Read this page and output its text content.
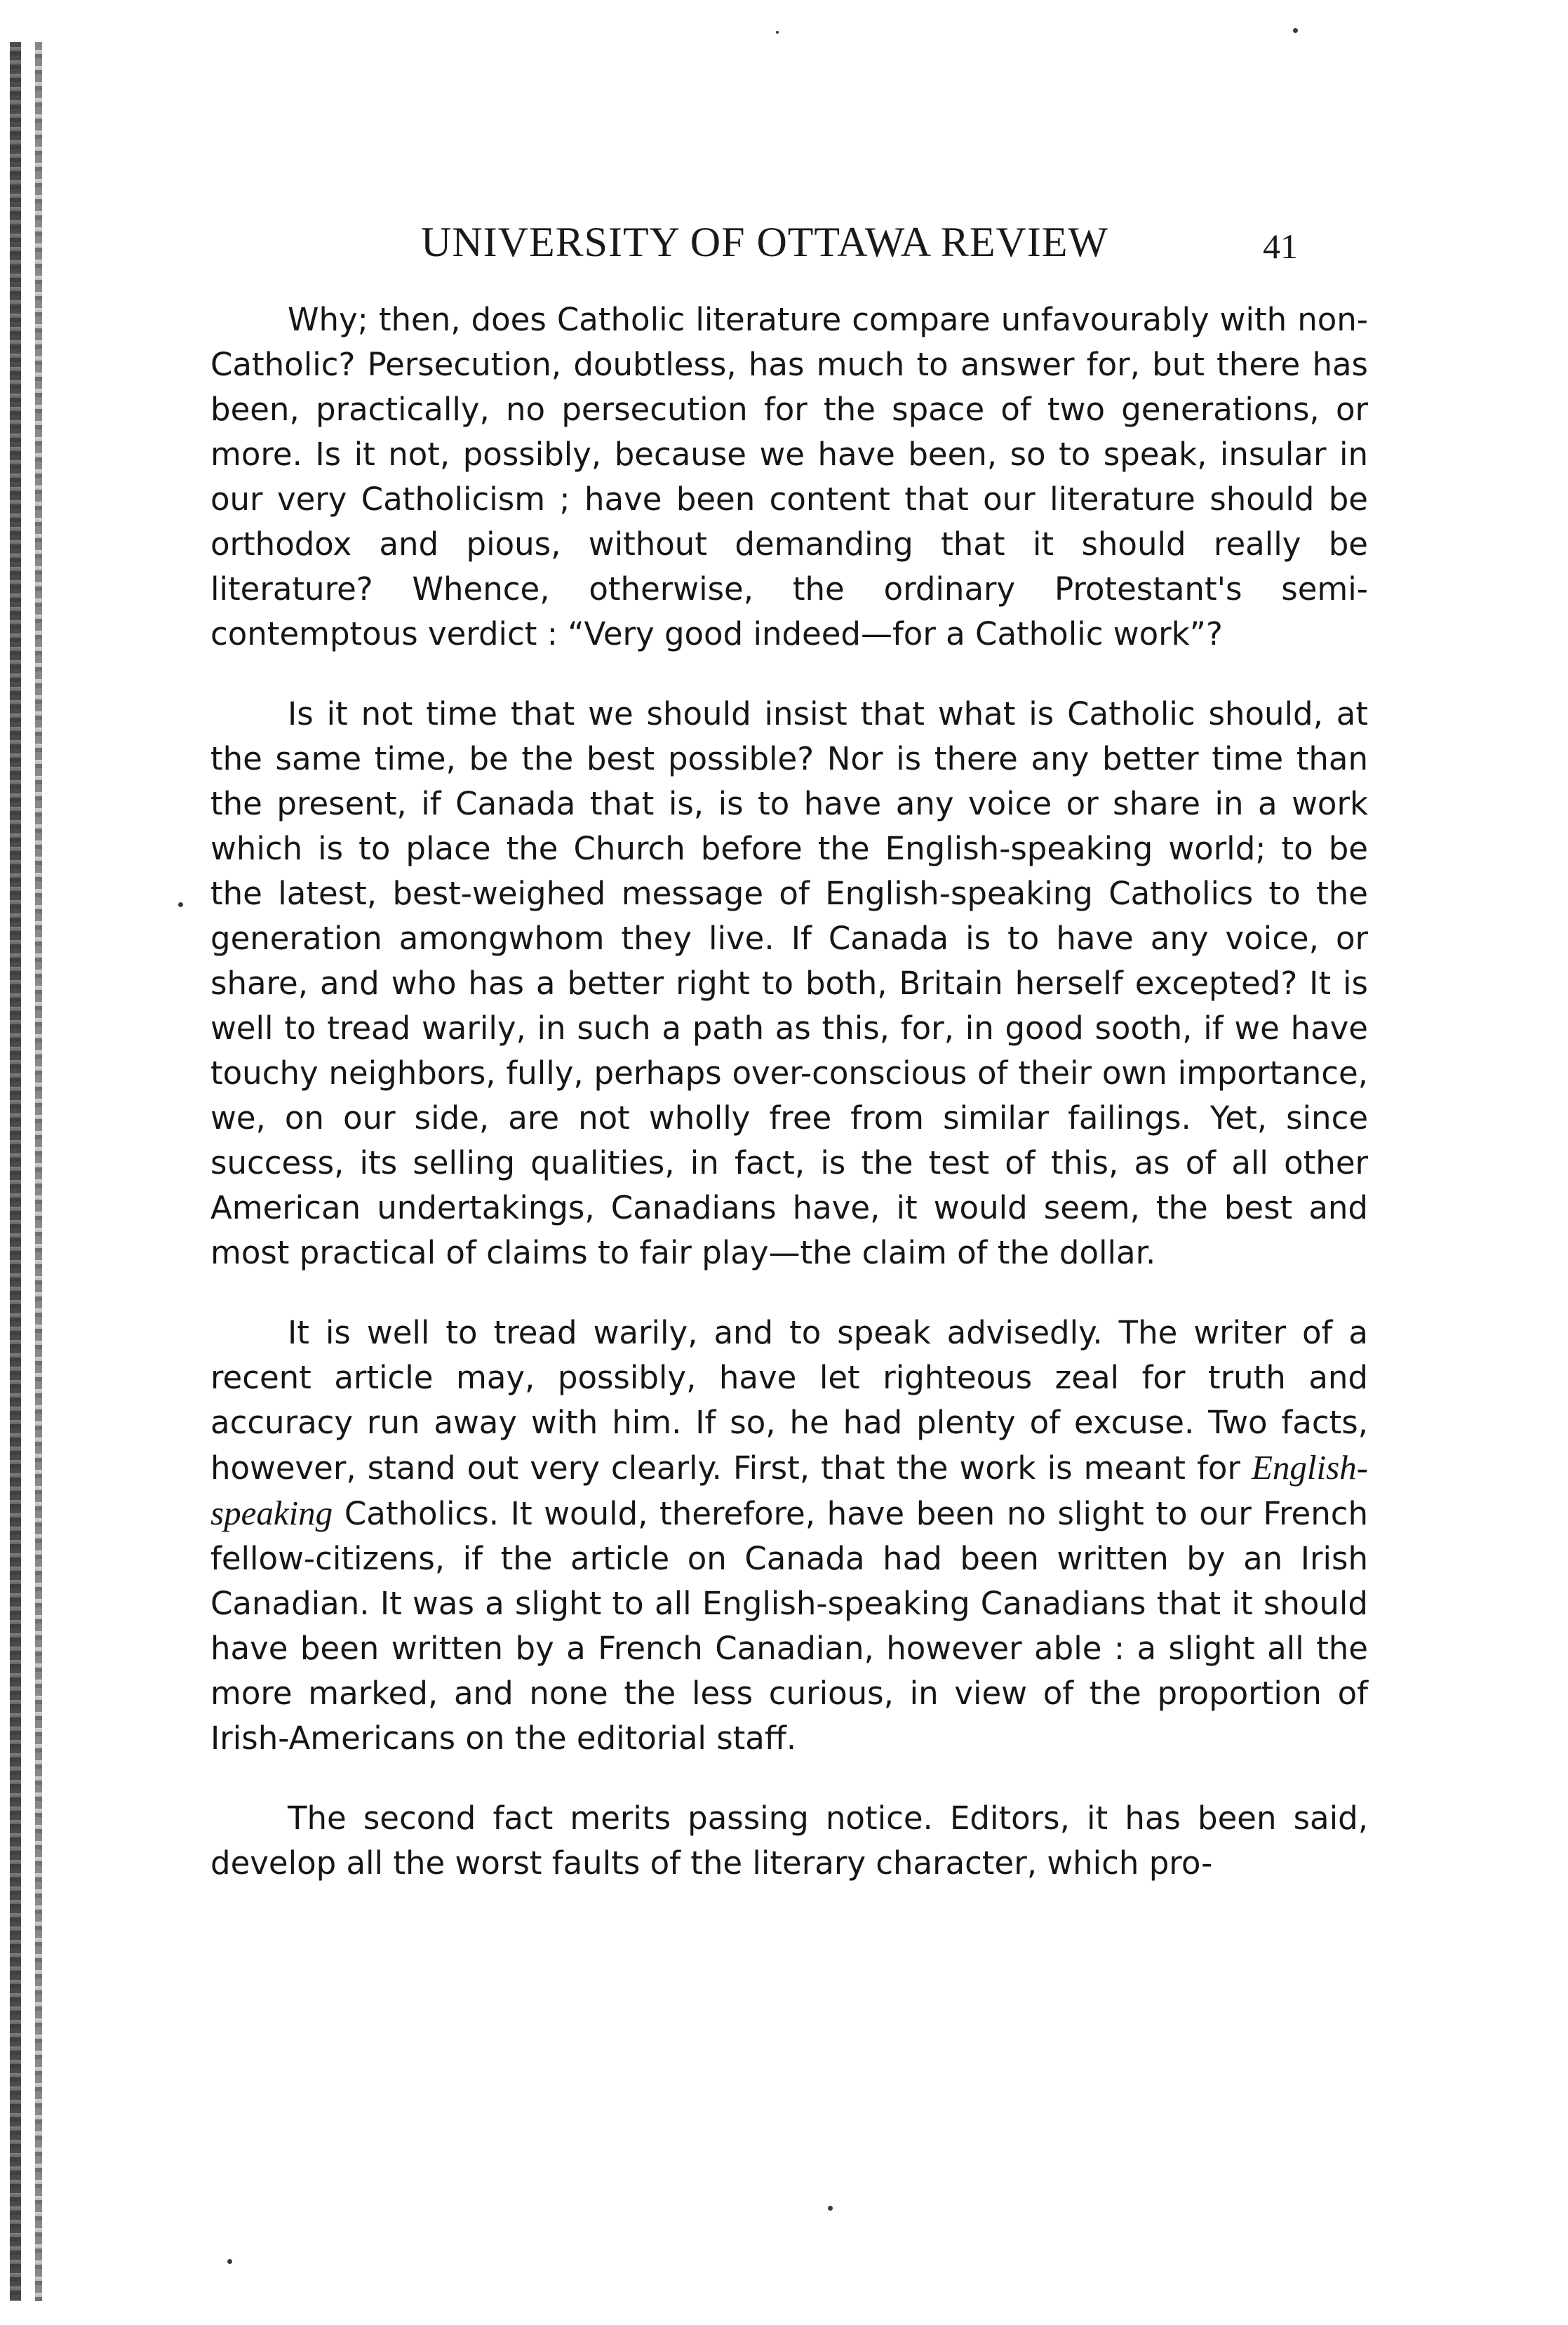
UNIVERSITY OF OTTAWA REVIEW	41

Why; then, does Catholic literature compare unfavourably with non-Catholic? Persecution, doubtless, has much to answer for, but there has been, practically, no persecution for the space of two generations, or more. Is it not, possibly, because we have been, so to speak, insular in our very Catholicism ; have been content that our literature should be orthodox and pious, without demanding that it should really be literature? Whence, otherwise, the ordinary Protestant's semi-contemptous verdict : “Very good indeed—for a Catholic work”?

Is it not time that we should insist that what is Catholic should, at the same time, be the best possible? Nor is there any better time than the present, if Canada that is, is to have any voice or share in a work which is to place the Church before the English-speaking world; to be the latest, best-weighed message of English-speaking Catholics to the generation amongwhom they live. If Canada is to have any voice, or share, and who has a better right to both, Britain herself excepted? It is well to tread warily, in such a path as this, for, in good sooth, if we have touchy neighbors, fully, perhaps over-conscious of their own importance, we, on our side, are not wholly free from similar failings. Yet, since success, its selling qualities, in fact, is the test of this, as of all other American undertakings, Canadians have, it would seem, the best and most practical of claims to fair play—the claim of the dollar.

It is well to tread warily, and to speak advisedly. The writer of a recent article may, possibly, have let righteous zeal for truth and accuracy run away with him. If so, he had plenty of excuse. Two facts, however, stand out very clearly. First, that the work is meant for English-speaking Catholics. It would, therefore, have been no slight to our French fellow-citizens, if the article on Canada had been written by an Irish Canadian. It was a slight to all English-speaking Canadians that it should have been written by a French Canadian, however able : a slight all the more marked, and none the less curious, in view of the proportion of Irish-Americans on the editorial staff.

The second fact merits passing notice. Editors, it has been said, develop all the worst faults of the literary character, which pro-
